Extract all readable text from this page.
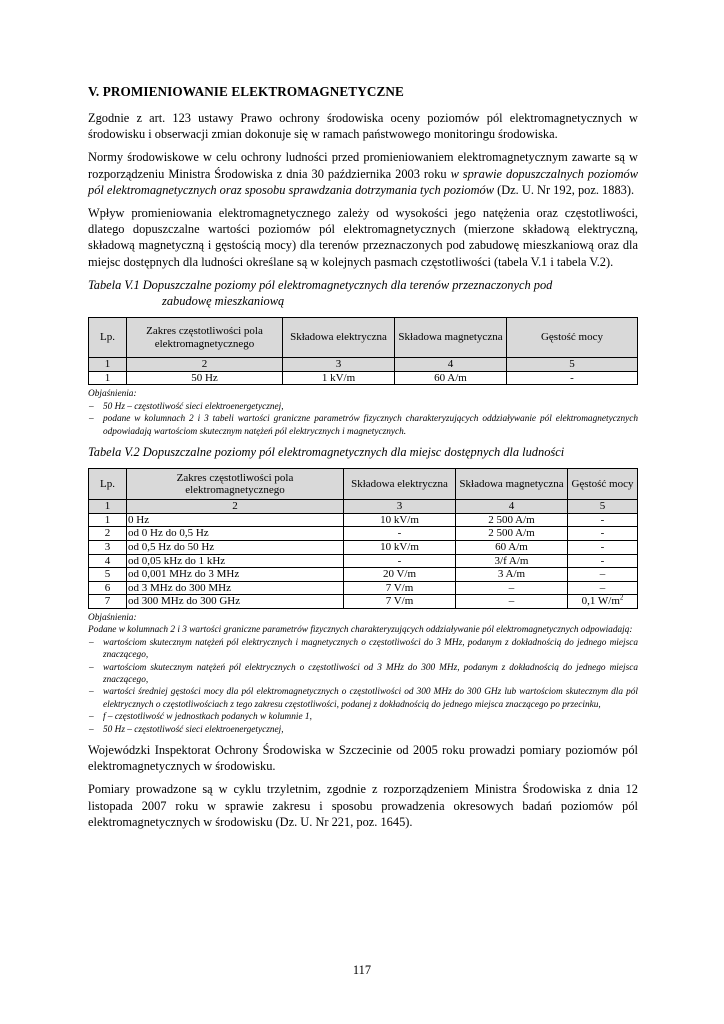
V. PROMIENIOWANIE ELEKTROMAGNETYCZNE

Zgodnie z art. 123 ustawy Prawo ochrony środowiska oceny poziomów pól elektromagnetycznych w środowisku i obserwacji zmian dokonuje się w ramach państwowego monitoringu środowiska.

Normy środowiskowe w celu ochrony ludności przed promieniowaniem elektromagnetycznym zawarte są w rozporządzeniu Ministra Środowiska z dnia 30 października 2003 roku w sprawie dopuszczalnych poziomów pól elektromagnetycznych oraz sposobu sprawdzania dotrzymania tych poziomów (Dz. U. Nr 192, poz. 1883).

Wpływ promieniowania elektromagnetycznego zależy od wysokości jego natężenia oraz częstotliwości, dlatego dopuszczalne wartości poziomów pól elektromagnetycznych (mierzone składową elektryczną, składową magnetyczną i gęstością mocy) dla terenów przeznaczonych pod zabudowę mieszkaniową oraz dla miejsc dostępnych dla ludności określane są w kolejnych pasmach częstotliwości (tabela V.1 i tabela V.2).

Tabela V.1 Dopuszczalne poziomy pól elektromagnetycznych dla terenów przeznaczonych pod
zabudowę mieszkaniową
Lp.	Zakres częstotliwości pola elektromagnetycznego	Składowa elektryczna	Składowa magnetyczna	Gęstość mocy
1	2	3	4	5
1	50 Hz	1 kV/m	60 A/m	-
Objaśnienia:
– 50 Hz – częstotliwość sieci elektroenergetycznej,
– podane w kolumnach 2 i 3 tabeli wartości graniczne parametrów fizycznych charakteryzujących oddziaływanie pól elektromagnetycznych odpowiadają wartościom skutecznym natężeń pól elektrycznych i magnetycznych.
Tabela V.2 Dopuszczalne poziomy pól elektromagnetycznych dla miejsc dostępnych dla ludności
Lp.	Zakres częstotliwości pola elektromagnetycznego	Składowa elektryczna	Składowa magnetyczna	Gęstość mocy
1	2	3	4	5
1	0 Hz	10 kV/m	2 500 A/m	-
2	od 0 Hz do 0,5 Hz	-	2 500 A/m	-
3	od 0,5 Hz do 50 Hz	10 kV/m	60 A/m	-
4	od 0,05 kHz do 1 kHz	-	3/f A/m	-
5	od 0,001 MHz do 3 MHz	20 V/m	3 A/m	–
6	od 3 MHz do 300 MHz	7 V/m	–	–
7	od 300 MHz do 300 GHz	7 V/m	–	0,1 $W/m^2$
Objaśnienia:
Podane w kolumnach 2 i 3 wartości graniczne parametrów fizycznych charakteryzujących oddziaływanie pól elektromagnetycznych odpowiadają:
– wartościom skutecznym natężeń pól elektrycznych i magnetycznych o częstotliwości do 3 MHz, podanym z dokładnością do jednego miejsca znaczącego,
– wartościom skutecznym natężeń pól elektrycznych o częstotliwości od 3 MHz do 300 MHz, podanym z dokładnością do jednego miejsca znaczącego,
– wartości średniej gęstości mocy dla pól elektromagnetycznych o częstotliwości od 300 MHz do 300 GHz lub wartościom skutecznym dla pól elektrycznych o częstotliwościach z tego zakresu częstotliwości, podanej z dokładnością do jednego miejsca znaczącego po przecinku,
– f – częstotliwość w jednostkach podanych w kolumnie 1,
– 50 Hz – częstotliwość sieci elektroenergetycznej,

Wojewódzki Inspektorat Ochrony Środowiska w Szczecinie od 2005 roku prowadzi pomiary poziomów pól elektromagnetycznych w środowisku.

Pomiary prowadzone są w cyklu trzyletnim, zgodnie z rozporządzeniem Ministra Środowiska z dnia 12 listopada 2007 roku w sprawie zakresu i sposobu prowadzenia okresowych badań poziomów pól elektromagnetycznych w środowisku (Dz. U. Nr 221, poz. 1645).

117
